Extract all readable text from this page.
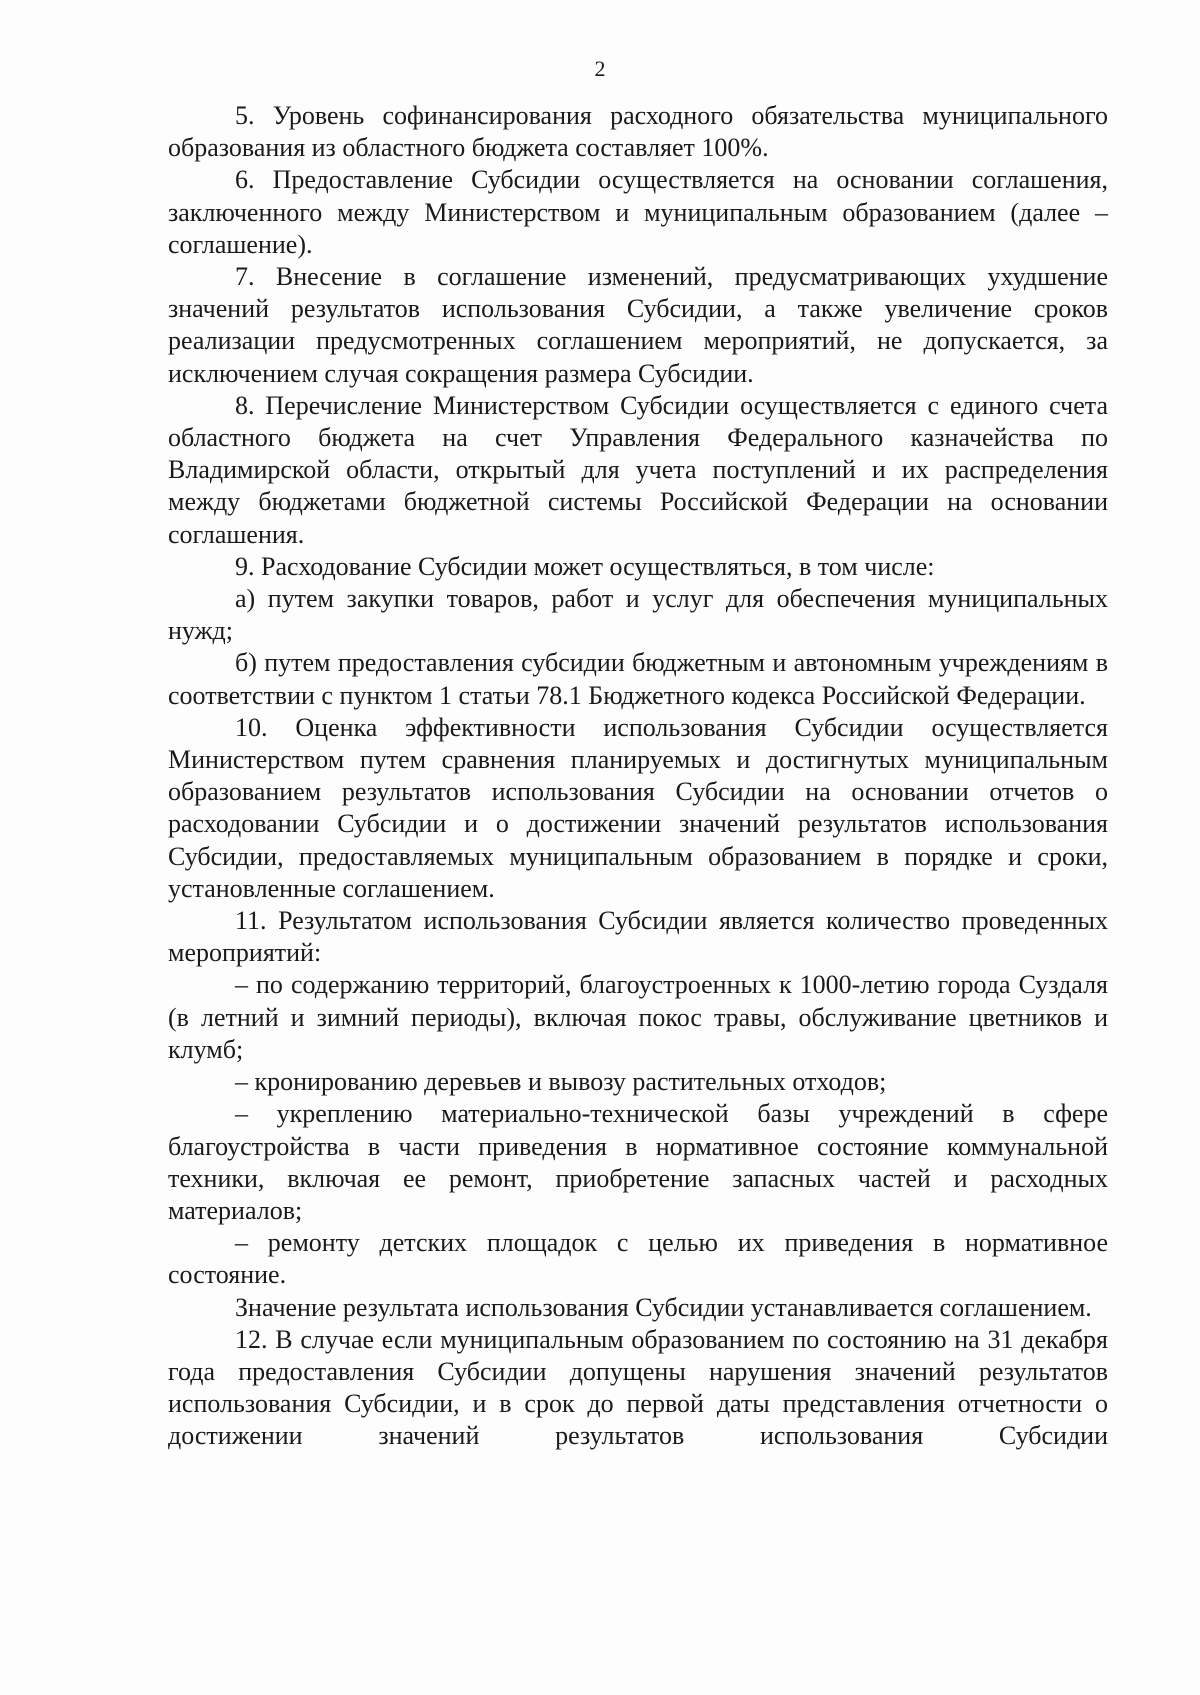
2

5. Уровень софинансирования расходного обязательства муниципального образования из областного бюджета составляет 100%.

6. Предоставление Субсидии осуществляется на основании соглашения, заключенного между Министерством и муниципальным образованием (далее – соглашение).

7. Внесение в соглашение изменений, предусматривающих ухудшение значений результатов использования Субсидии, а также увеличение сроков реализации предусмотренных соглашением мероприятий, не допускается, за исключением случая сокращения размера Субсидии.

8. Перечисление Министерством Субсидии осуществляется с единого счета областного бюджета на счет Управления Федерального казначейства по Владимирской области, открытый для учета поступлений и их распределения между бюджетами бюджетной системы Российской Федерации на основании соглашения.

9. Расходование Субсидии может осуществляться, в том числе:

а) путем закупки товаров, работ и услуг для обеспечения муниципальных нужд;

б) путем предоставления субсидии бюджетным и автономным учреждениям в соответствии с пунктом 1 статьи 78.1 Бюджетного кодекса Российской Федерации.

10. Оценка эффективности использования Субсидии осуществляется Министерством путем сравнения планируемых и достигнутых муниципальным образованием результатов использования Субсидии на основании отчетов о расходовании Субсидии и о достижении значений результатов использования Субсидии, предоставляемых муниципальным образованием в порядке и сроки, установленные соглашением.

11. Результатом использования Субсидии является количество проведенных мероприятий:

– по содержанию территорий, благоустроенных к 1000-летию города Суздаля (в летний и зимний периоды), включая покос травы, обслуживание цветников и клумб;

– кронированию деревьев и вывозу растительных отходов;

– укреплению материально-технической базы учреждений в сфере благоустройства в части приведения в нормативное состояние коммунальной техники, включая ее ремонт, приобретение запасных частей и расходных материалов;

– ремонту детских площадок с целью их приведения в нормативное состояние.

Значение результата использования Субсидии устанавливается соглашением.

12. В случае если муниципальным образованием по состоянию на 31 декабря года предоставления Субсидии допущены нарушения значений результатов использования Субсидии, и в срок до первой даты представления отчетности о достижении значений результатов использования Субсидии
